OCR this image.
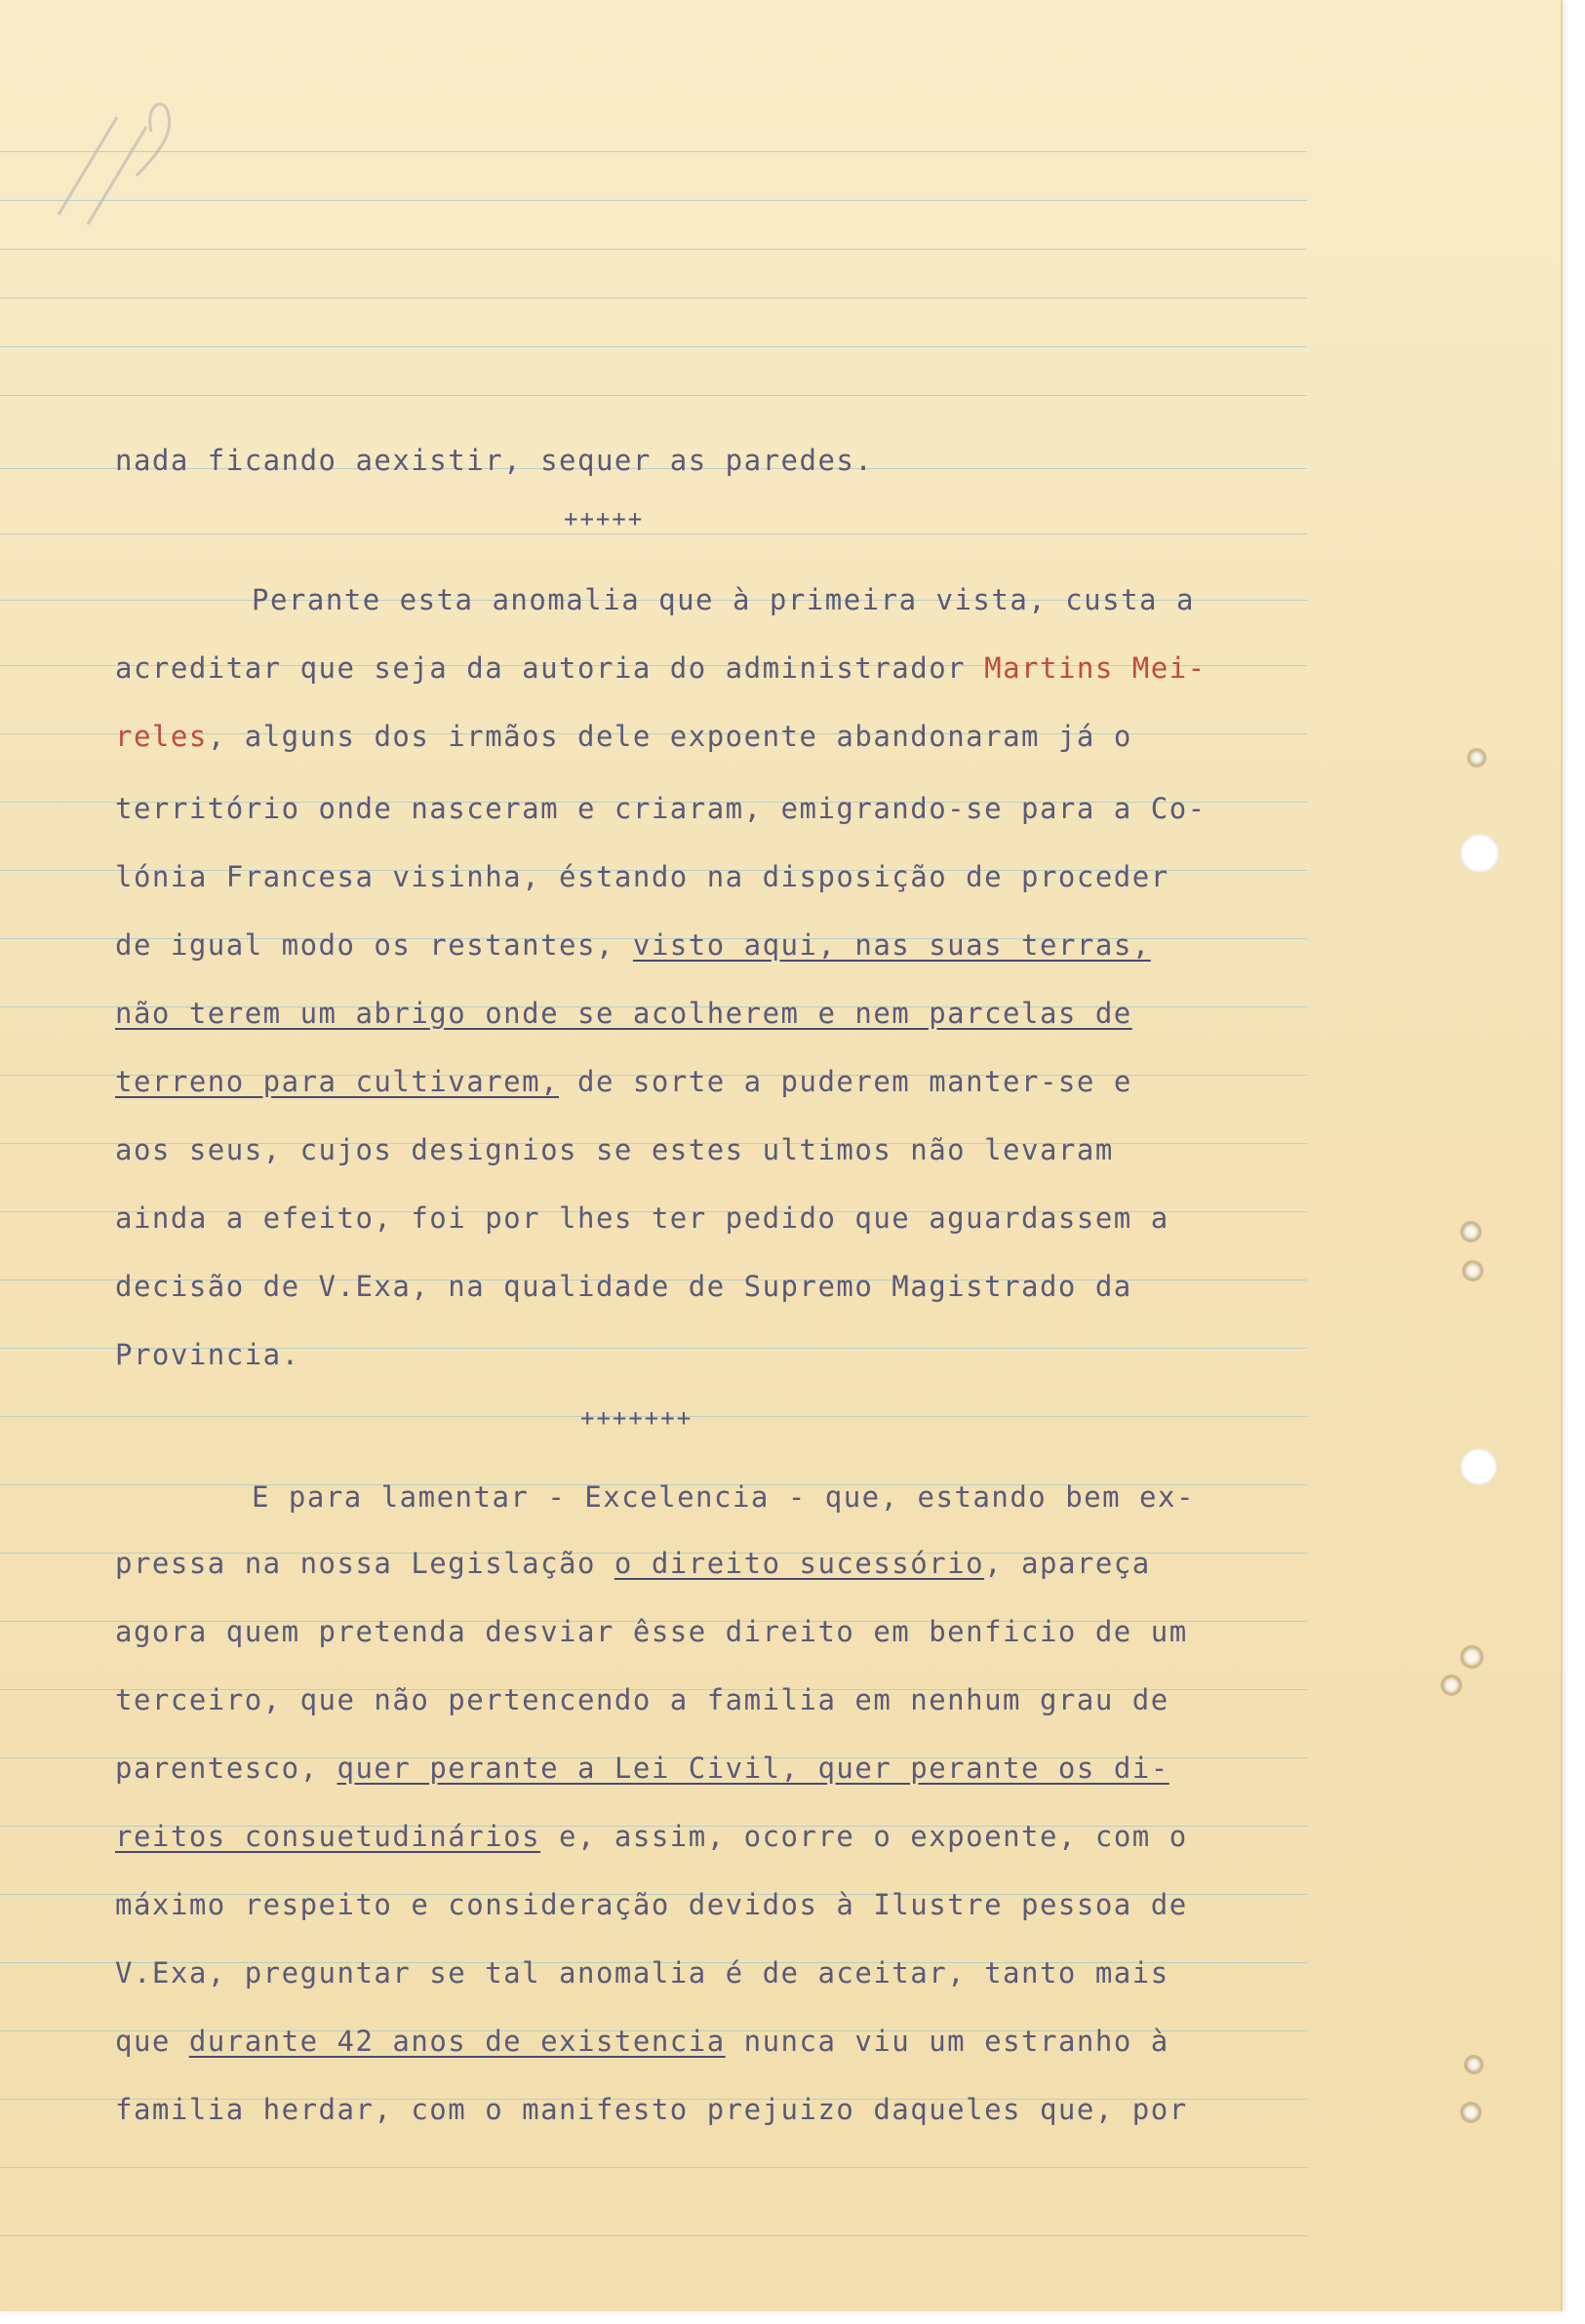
nada ficando aexistir, sequer as paredes.
+++++
Perante esta anomalia que à primeira vista, custa a
acreditar que seja da autoria do administrador Martins Mei-
reles, alguns dos irmãos dele expoente abandonaram já o
território onde nasceram e criaram, emigrando-se para a Co-
lónia Francesa visinha, éstando na disposição de proceder
de igual modo os restantes, visto aqui, nas suas terras,
não terem um abrigo onde se acolherem e nem parcelas de
terreno para cultivarem, de sorte a puderem manter-se e
aos seus, cujos designios se estes ultimos não levaram
ainda a efeito, foi por lhes ter pedido que aguardassem a
decisão de V.Exa, na qualidade de Supremo Magistrado da
Provincia.
+++++++
E para lamentar - Excelencia - que, estando bem ex-
pressa na nossa Legislação o direito sucessório, apareça
agora quem pretenda desviar êsse direito em benficio de um
terceiro, que não pertencendo a familia em nenhum grau de
parentesco, quer perante a Lei Civil, quer perante os di-
reitos consuetudinários e, assim, ocorre o expoente, com o
máximo respeito e consideração devidos à Ilustre pessoa de
V.Exa, preguntar se tal anomalia é de aceitar, tanto mais
que durante 42 anos de existencia nunca viu um estranho à
familia herdar, com o manifesto prejuizo daqueles que, por
